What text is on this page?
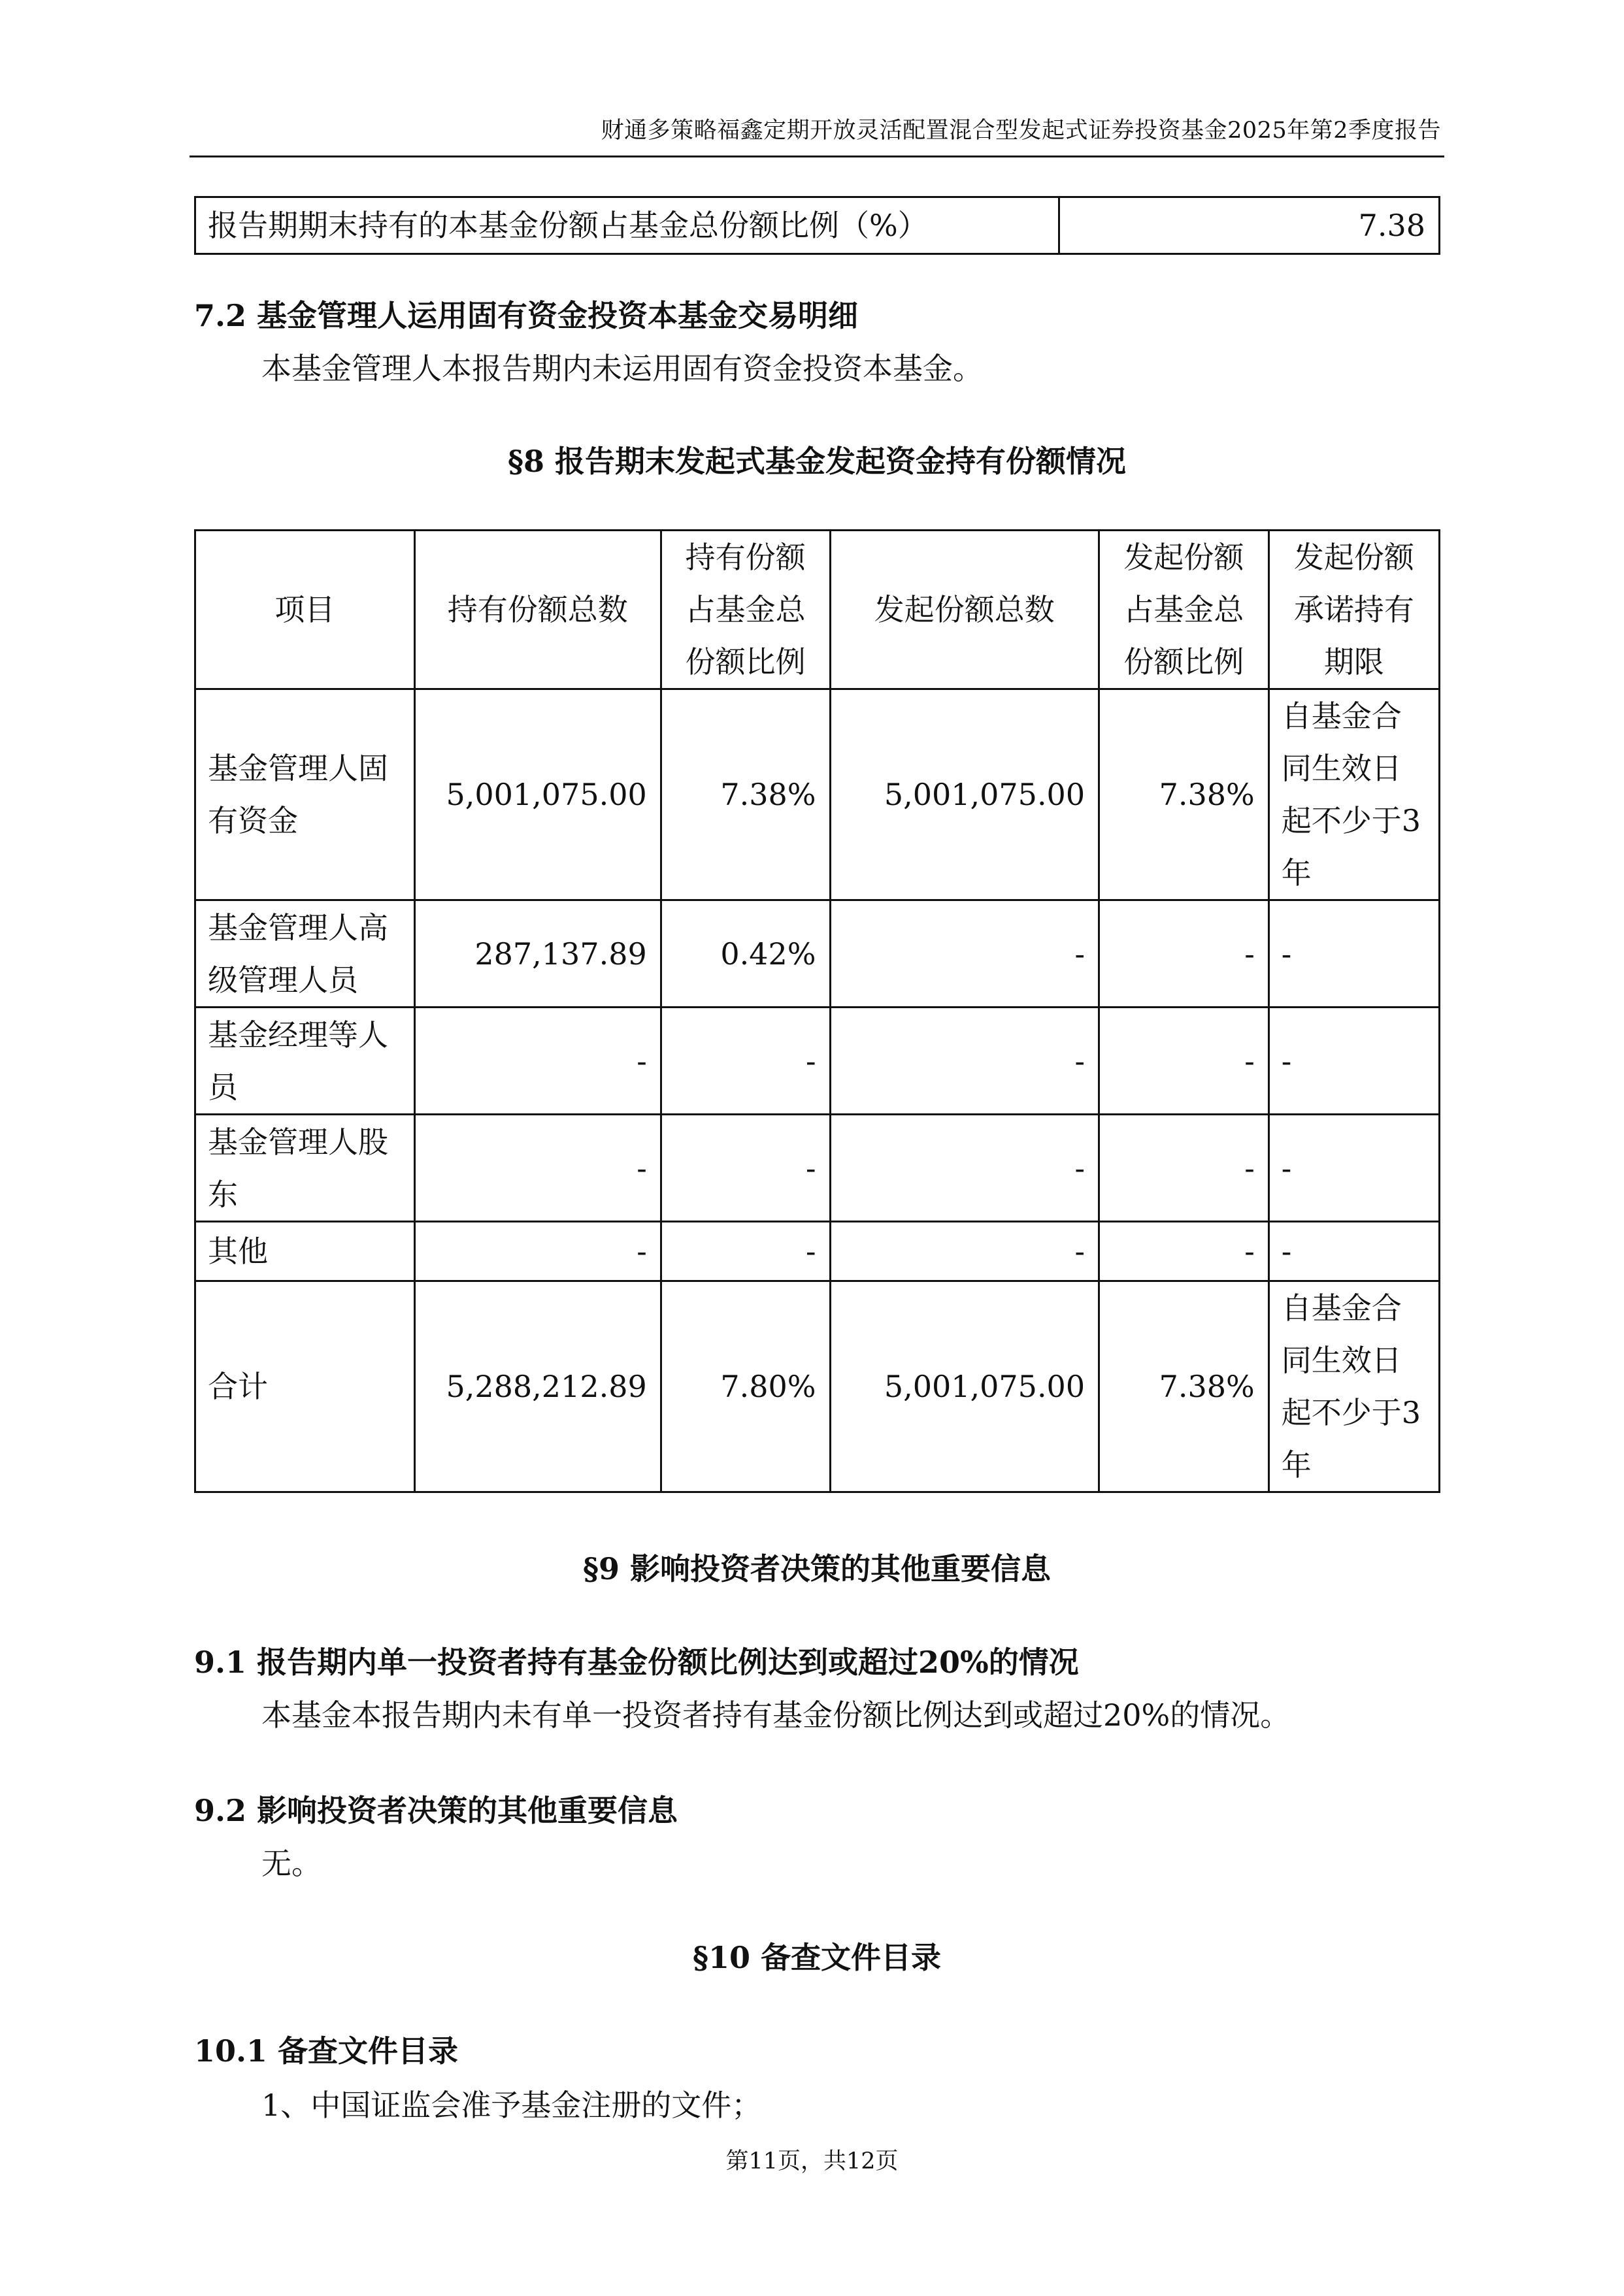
财通多策略福鑫定期开放灵活配置混合型发起式证券投资基金2025年第2季度报告
报告期期末持有的本基金份额占基金总份额比例（%）	7.38
7.2 基金管理人运用固有资金投资本基金交易明细
本基金管理人本报告期内未运用固有资金投资本基金。
§8 报告期末发起式基金发起资金持有份额情况
项目	持有份额总数	持有份额占基金总份额比例	发起份额总数	发起份额占基金总份额比例	发起份额承诺持有期限
基金管理人固有资金	5,001,075.00	7.38%	5,001,075.00	7.38%	自基金合同生效日起不少于3年
基金管理人高级管理人员	287,137.89	0.42%	-	-	-
基金经理等人员	-	-	-	-	-
基金管理人股东	-	-	-	-	-
其他	-	-	-	-	-
合计	5,288,212.89	7.80%	5,001,075.00	7.38%	自基金合同生效日起不少于3年
§9 影响投资者决策的其他重要信息
9.1 报告期内单一投资者持有基金份额比例达到或超过20%的情况
本基金本报告期内未有单一投资者持有基金份额比例达到或超过20%的情况。
9.2 影响投资者决策的其他重要信息
无。
§10 备查文件目录
10.1 备查文件目录
1、中国证监会准予基金注册的文件；
第11页，共12页
